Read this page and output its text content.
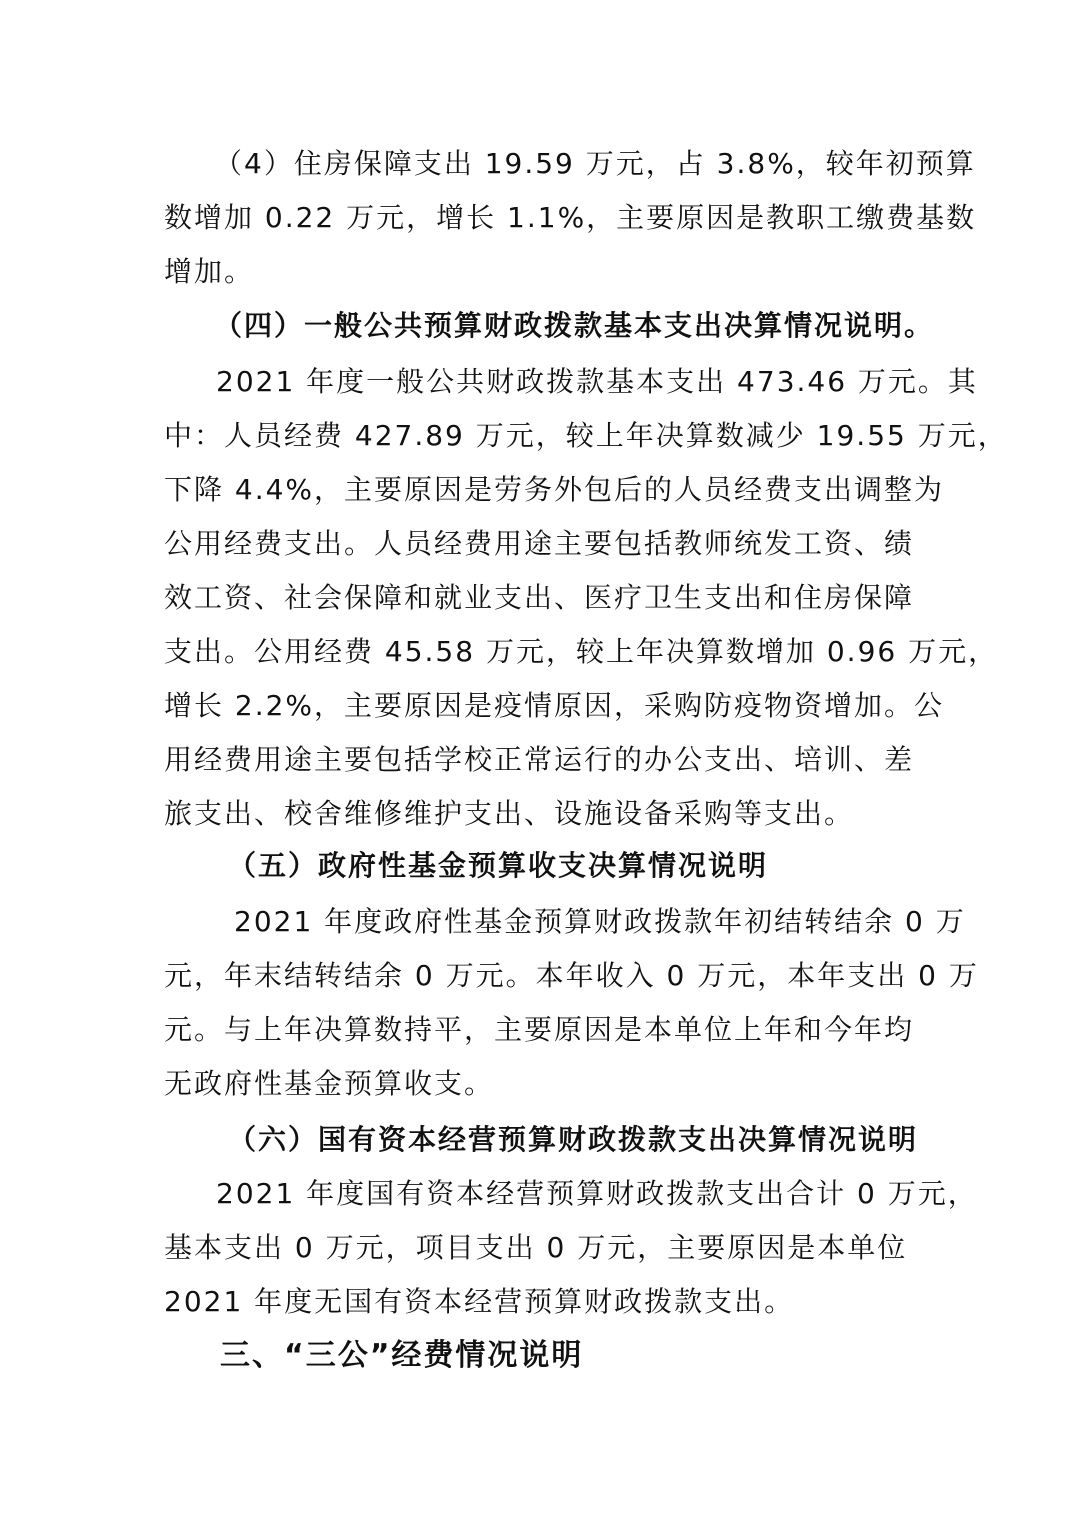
（4）住房保障支出 19.59 万元，占 3.8%，较年初预算
数增加 0.22 万元，增长 1.1%，主要原因是教职工缴费基数
增加。
（四）一般公共预算财政拨款基本支出决算情况说明。
2021 年度一般公共财政拨款基本支出 473.46 万元。其
中：人员经费 427.89 万元，较上年决算数减少 19.55 万元，
下降 4.4%，主要原因是劳务外包后的人员经费支出调整为
公用经费支出。人员经费用途主要包括教师统发工资、绩
效工资、社会保障和就业支出、医疗卫生支出和住房保障
支出。公用经费 45.58 万元，较上年决算数增加 0.96 万元，
增长 2.2%，主要原因是疫情原因，采购防疫物资增加。公
用经费用途主要包括学校正常运行的办公支出、培训、差
旅支出、校舍维修维护支出、设施设备采购等支出。
（五）政府性基金预算收支决算情况说明
2021 年度政府性基金预算财政拨款年初结转结余 0 万
元，年末结转结余 0 万元。本年收入 0 万元，本年支出 0 万
元。与上年决算数持平，主要原因是本单位上年和今年均
无政府性基金预算收支。
（六）国有资本经营预算财政拨款支出决算情况说明
2021 年度国有资本经营预算财政拨款支出合计 0 万元，
基本支出 0 万元，项目支出 0 万元，主要原因是本单位
2021 年度无国有资本经营预算财政拨款支出。
三、“三公”经费情况说明
